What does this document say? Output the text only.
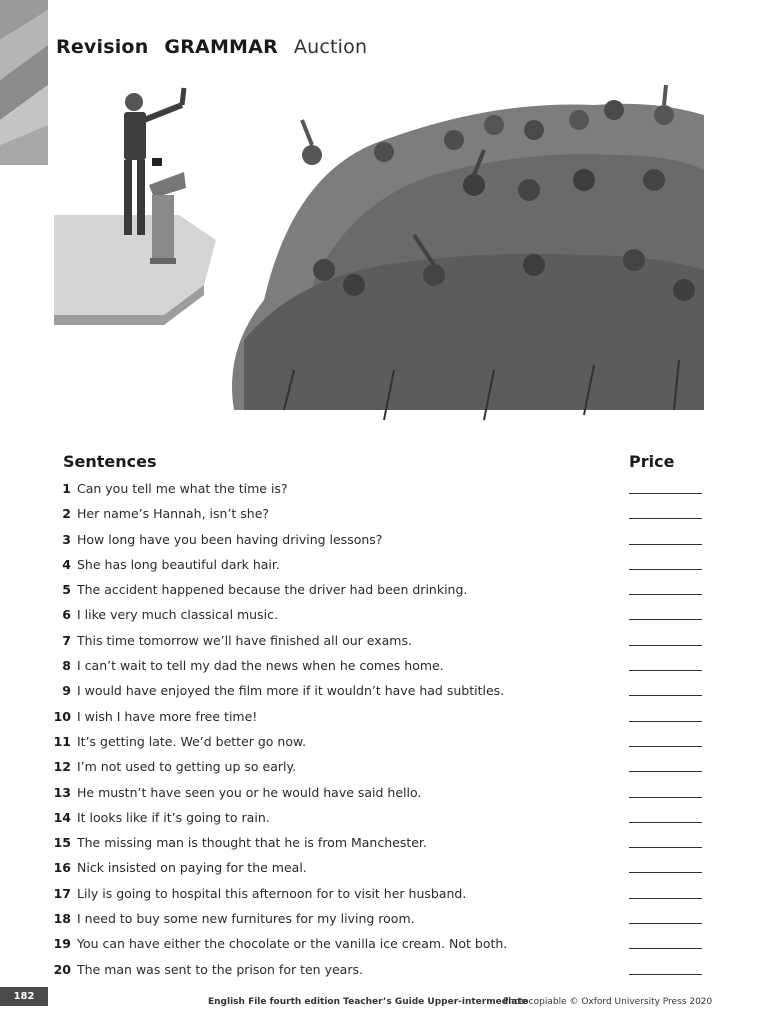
Revision GRAMMAR Auction
Sentences	Price
1 Can you tell me what the time is?
2 Her name’s Hannah, isn’t she?
3 How long have you been having driving lessons?
4 She has long beautiful dark hair.
5 The accident happened because the driver had been drinking.
6 I like very much classical music.
7 This time tomorrow we’ll have finished all our exams.
8 I can’t wait to tell my dad the news when he comes home.
9 I would have enjoyed the film more if it wouldn’t have had subtitles.
10 I wish I have more free time!
11 It’s getting late. We’d better go now.
12 I’m not used to getting up so early.
13 He mustn’t have seen you or he would have said hello.
14 It looks like if it’s going to rain.
15 The missing man is thought that he is from Manchester.
16 Nick insisted on paying for the meal.
17 Lily is going to hospital this afternoon for to visit her husband.
18 I need to buy some new furnitures for my living room.
19 You can have either the chocolate or the vanilla ice cream. Not both.
20 The man was sent to the prison for ten years.
182	English File fourth edition Teacher’s Guide Upper-intermediate
Photocopiable © Oxford University Press 2020
